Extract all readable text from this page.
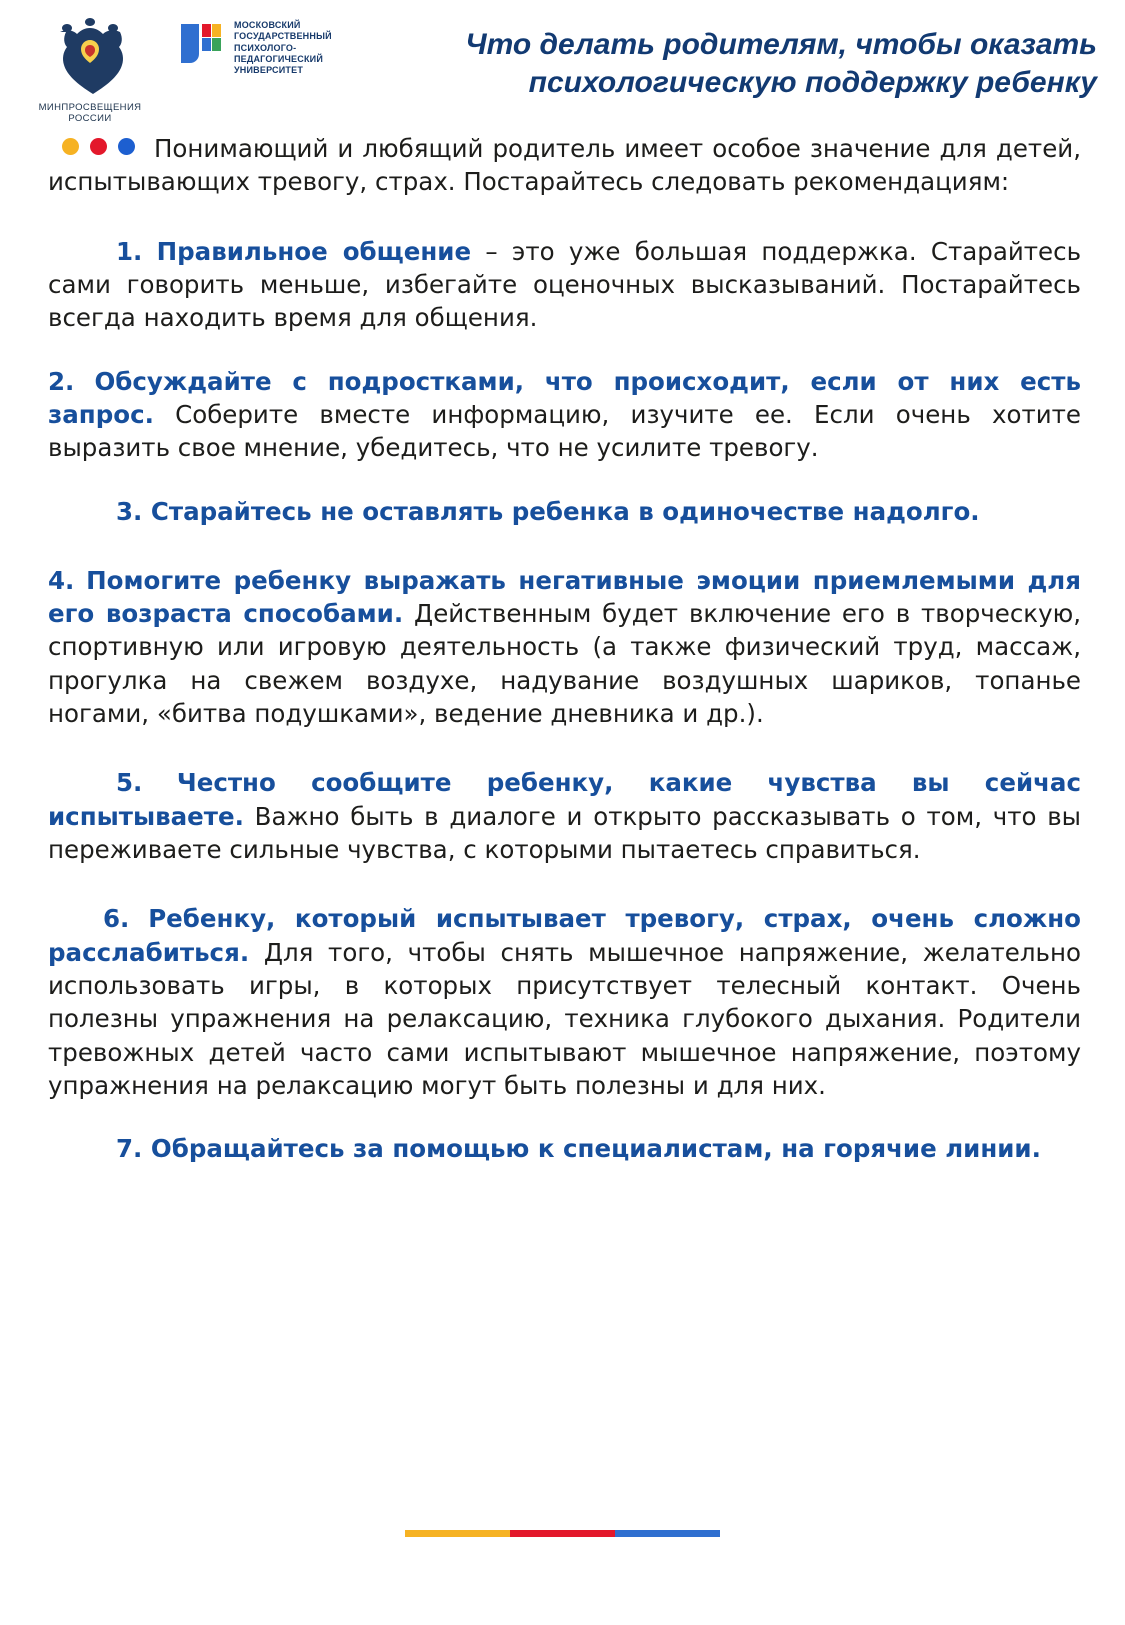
МИНПРОСВЕЩЕНИЯ
РОССИИ
МОСКОВСКИЙ
ГОСУДАРСТВЕННЫЙ
ПСИХОЛОГО-
ПЕДАГОГИЧЕСКИЙ
УНИВЕРСИТЕТ
Что делать родителям, чтобы оказать психологическую поддержку ребенку

Понимающий и любящий родитель имеет особое значение для детей, испытывающих тревогу, страх. Постарайтесь следовать рекомендациям:

1. Правильное общение – это уже большая поддержка. Старайтесь сами говорить меньше, избегайте оценочных высказываний. Постарайтесь всегда находить время для общения.

2. Обсуждайте с подростками, что происходит, если от них есть запрос. Соберите вместе информацию, изучите ее. Если очень хотите выразить свое мнение, убедитесь, что не усилите тревогу.

3. Старайтесь не оставлять ребенка в одиночестве надолго.

4. Помогите ребенку выражать негативные эмоции приемлемыми для его возраста способами. Действенным будет включение его в творческую, спортивную или игровую деятельность (а также физический труд, массаж, прогулка на свежем воздухе, надувание воздушных шариков, топанье ногами, «битва подушками», ведение дневника и др.).

5. Честно сообщите ребенку, какие чувства вы сейчас испытываете. Важно быть в диалоге и открыто рассказывать о том, что вы переживаете сильные чувства, с которыми пытаетесь справиться.

6. Ребенку, который испытывает тревогу, страх, очень сложно расслабиться. Для того, чтобы снять мышечное напряжение, желательно использовать игры, в которых присутствует телесный контакт. Очень полезны упражнения на релаксацию, техника глубокого дыхания. Родители тревожных детей часто сами испытывают мышечное напряжение, поэтому упражнения на релаксацию могут быть полезны и для них.

7. Обращайтесь за помощью к специалистам, на горячие линии.
